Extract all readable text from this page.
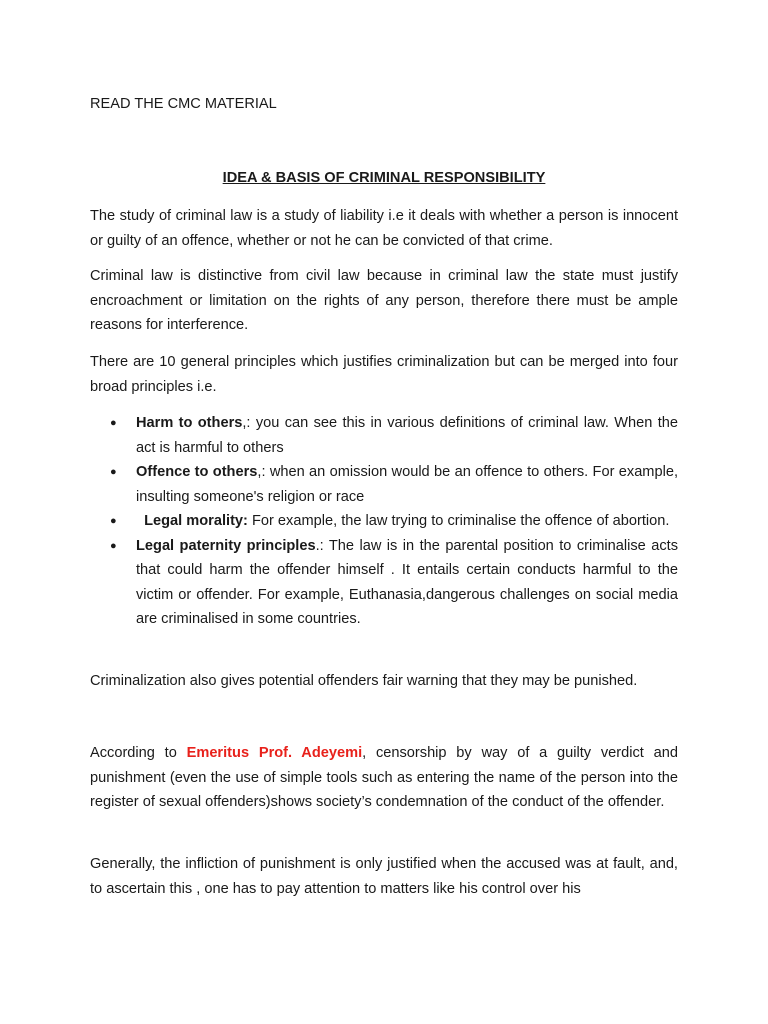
READ THE CMC MATERIAL

IDEA & BASIS OF CRIMINAL RESPONSIBILITY

The study of criminal law is a study of liability i.e it deals with whether a person is innocent or guilty of an offence, whether or not he can be convicted of that crime.

Criminal law is distinctive from civil law because in criminal law the state must justify encroachment or limitation on the rights of any person, therefore there must be ample reasons for interference.

There are 10 general principles which justifies criminalization but can be merged into four broad principles i.e.

● Harm to others,: you can see this in various definitions of criminal law. When the act is harmful to others
● Offence to others,: when an omission would be an offence to others. For example, insulting someone's religion or race
● Legal morality: For example, the law trying to criminalise the offence of abortion.
● Legal paternity principles.: The law is in the parental position to criminalise acts that could harm the offender himself . It entails certain conducts harmful to the victim or offender. For example, Euthanasia,dangerous challenges on social media are criminalised in some countries.

Criminalization also gives potential offenders fair warning that they may be punished.

According to Emeritus Prof. Adeyemi, censorship by way of a guilty verdict and punishment (even the use of simple tools such as entering the name of the person into the register of sexual offenders)shows society’s condemnation of the conduct of the offender.

Generally, the infliction of punishment is only justified when the accused was at fault, and, to ascertain this , one has to pay attention to matters like his control over his
